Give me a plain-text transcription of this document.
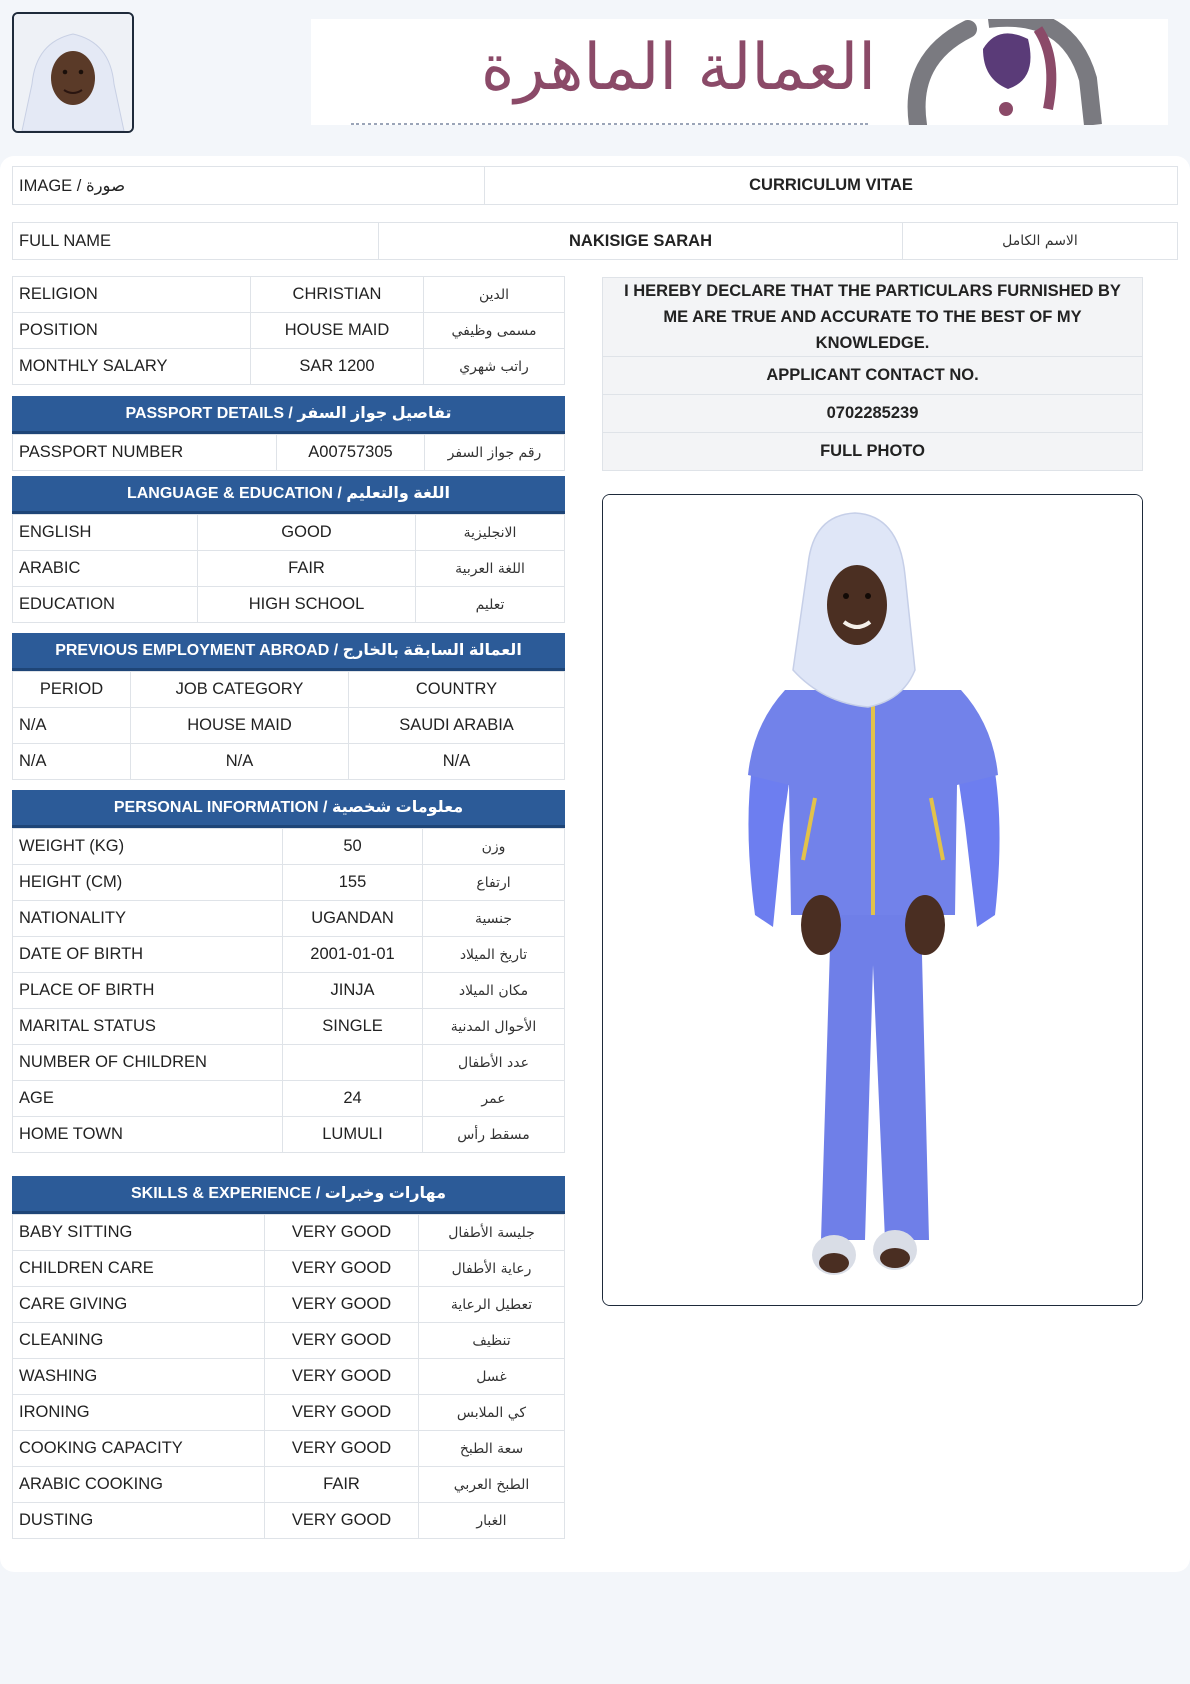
العمالة الماهرة
IMAGE / صورة	CURRICULUM VITAE
FULL NAME	NAKISIGE SARAH	الاسم الكامل
RELIGION	CHRISTIAN	الدين
POSITION	HOUSE MAID	مسمى وظيفي
MONTHLY SALARY	SAR 1200	راتب شهري
PASSPORT DETAILS / تفاصيل جواز السفر
PASSPORT NUMBER	A00757305	رقم جواز السفر
LANGUAGE & EDUCATION / اللغة والتعليم
ENGLISH	GOOD	الانجليزية
ARABIC	FAIR	اللغة العربية
EDUCATION	HIGH SCHOOL	تعليم
PREVIOUS EMPLOYMENT ABROAD / العمالة السابقة بالخارج
PERIOD	JOB CATEGORY	COUNTRY
N/A	HOUSE MAID	SAUDI ARABIA
N/A	N/A	N/A
PERSONAL INFORMATION / معلومات شخصية
WEIGHT (KG)	50	وزن
HEIGHT (CM)	155	ارتفاع
NATIONALITY	UGANDAN	جنسية
DATE OF BIRTH	2001-01-01	تاريخ الميلاد
PLACE OF BIRTH	JINJA	مكان الميلاد
MARITAL STATUS	SINGLE	الأحوال المدنية
NUMBER OF CHILDREN		عدد الأطفال
AGE	24	عمر
HOME TOWN	LUMULI	مسقط رأس
SKILLS & EXPERIENCE / مهارات وخبرات
BABY SITTING	VERY GOOD	جليسة الأطفال
CHILDREN CARE	VERY GOOD	رعاية الأطفال
CARE GIVING	VERY GOOD	تعطيل الرعاية
CLEANING	VERY GOOD	تنظيف
WASHING	VERY GOOD	غسل
IRONING	VERY GOOD	كي الملابس
COOKING CAPACITY	VERY GOOD	سعة الطبخ
ARABIC COOKING	FAIR	الطبخ العربي
DUSTING	VERY GOOD	الغبار
I HEREBY DECLARE THAT THE PARTICULARS FURNISHED BY ME ARE TRUE AND ACCURATE TO THE BEST OF MY KNOWLEDGE.
APPLICANT CONTACT NO.
0702285239
FULL PHOTO
